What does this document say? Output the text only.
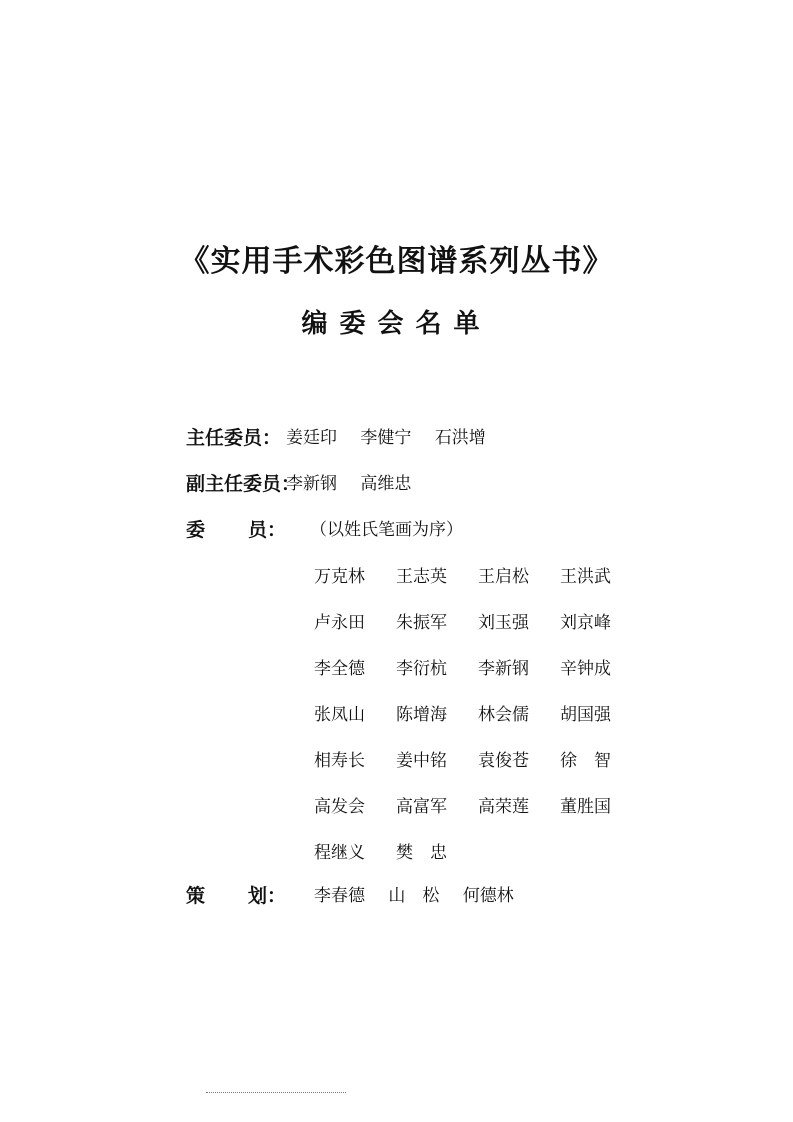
《实用手术彩色图谱系列丛书》
编委会名单
主任委员： 姜廷印 李健宁 石洪增
副主任委员：
李新钢 高维忠
委 员： （以姓氏笔画为序）
万克林 王志英 王启松 王洪武
卢永田 朱振军 刘玉强 刘京峰
李全德 李衍杭 李新钢 辛钟成
张凤山 陈增海 林会儒 胡国强
相寿长 姜中铭 袁俊苍 徐　智
高发会 高富军 高荣莲 董胜国
程继义 樊　忠
策 划： 李春德 山　松 何德林
